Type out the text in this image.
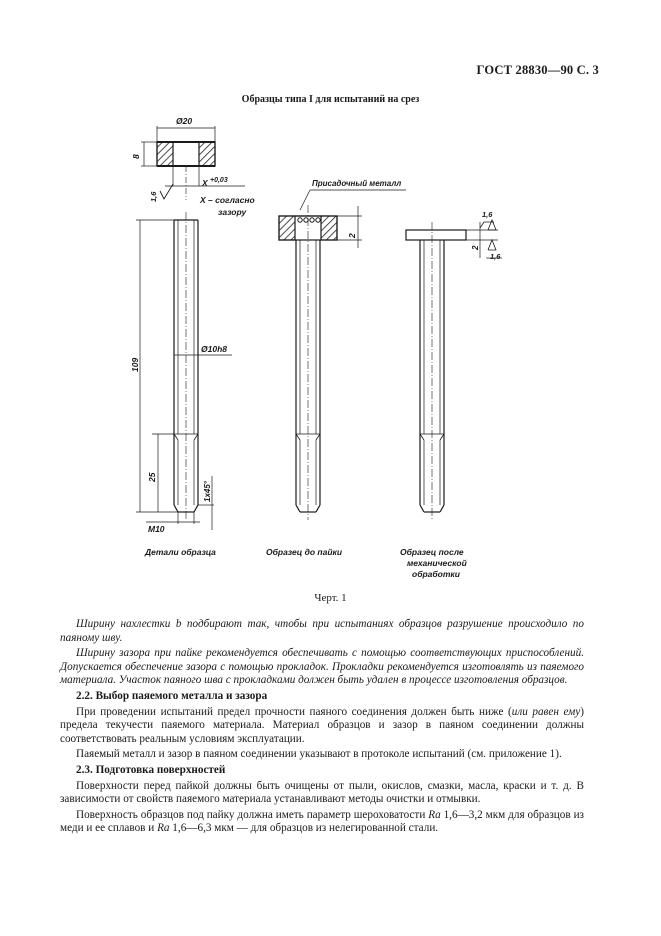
ГОСТ 28830—90 С. 3
Образцы типа I для испытаний на срез
Ø20
8
1,6
X +0,03
X – согласно
зазору
109
Ø10h8
25
1x45°
M10
Присадочный металл
2
1,6
2
1,6
Детали образца	Образец до пайки	Образец после
механической
обработки
Черт. 1

Ширину нахлестки b подбирают так, чтобы при испытаниях образцов разрушение происходило по паяному шву.

Ширину зазора при пайке рекомендуется обеспечивать с помощью соответствующих приспособлений. Допускается обеспечение зазора с помощью прокладок. Прокладки рекомендуется изготовлять из паяемого материала. Участок паяного шва с прокладками должен быть удален в процессе изготовления образцов.

2.2. Выбор паяемого металла и зазора

При проведении испытаний предел прочности паяного соединения должен быть ниже (или равен ему) предела текучести паяемого материала. Материал образцов и зазор в паяном соединении должны соответствовать реальным условиям эксплуатации.

Паяемый металл и зазор в паяном соединении указывают в протоколе испытаний (см. приложение 1).

2.3. Подготовка поверхностей

Поверхности перед пайкой должны быть очищены от пыли, окислов, смазки, масла, краски и т. д. В зависимости от свойств паяемого материала устанавливают методы очистки и отмывки.

Поверхность образцов под пайку должна иметь параметр шероховатости Ra 1,6—3,2 мкм для образцов из меди и ее сплавов и Ra 1,6—6,3 мкм — для образцов из нелегированной стали.
